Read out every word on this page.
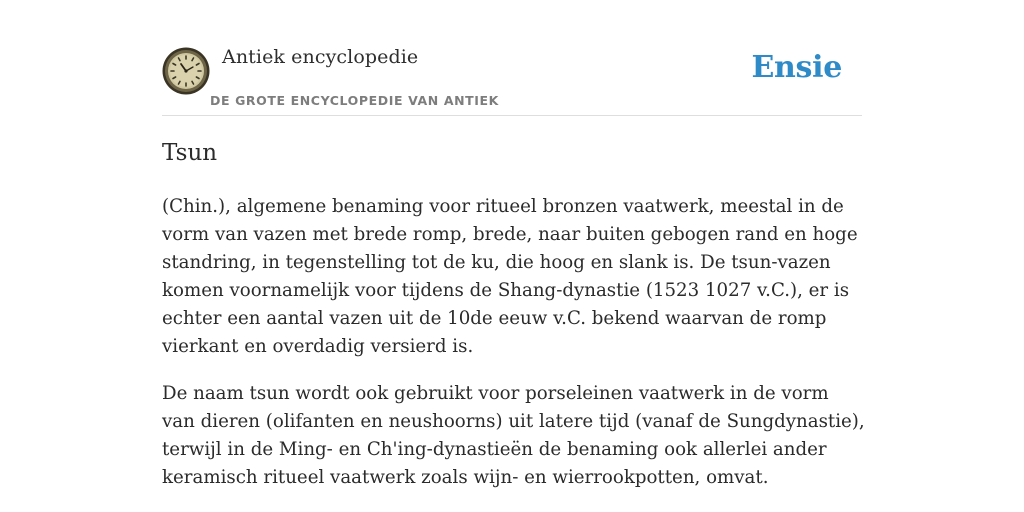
Antiek encyclopedie
DE GROTE ENCYCLOPEDIE VAN ANTIEK
Ensie
Tsun

(Chin.), algemene benaming voor ritueel bronzen vaatwerk, meestal in de vorm van vazen met brede romp, brede, naar buiten gebogen rand en hoge standring, in tegenstelling tot de ku, die hoog en slank is. De tsun-vazen komen voornamelijk voor tijdens de Shang-dynastie (1523 1027 v.C.), er is echter een aantal vazen uit de 10de eeuw v.C. bekend waarvan de romp vierkant en overdadig versierd is.

De naam tsun wordt ook gebruikt voor porseleinen vaatwerk in de vorm van dieren (olifanten en neushoorns) uit latere tijd (vanaf de Sungdynastie), terwijl in de Ming- en Ch'ing-dynastieën de benaming ook allerlei ander keramisch ritueel vaatwerk zoals wijn- en wierrookpotten, omvat.
